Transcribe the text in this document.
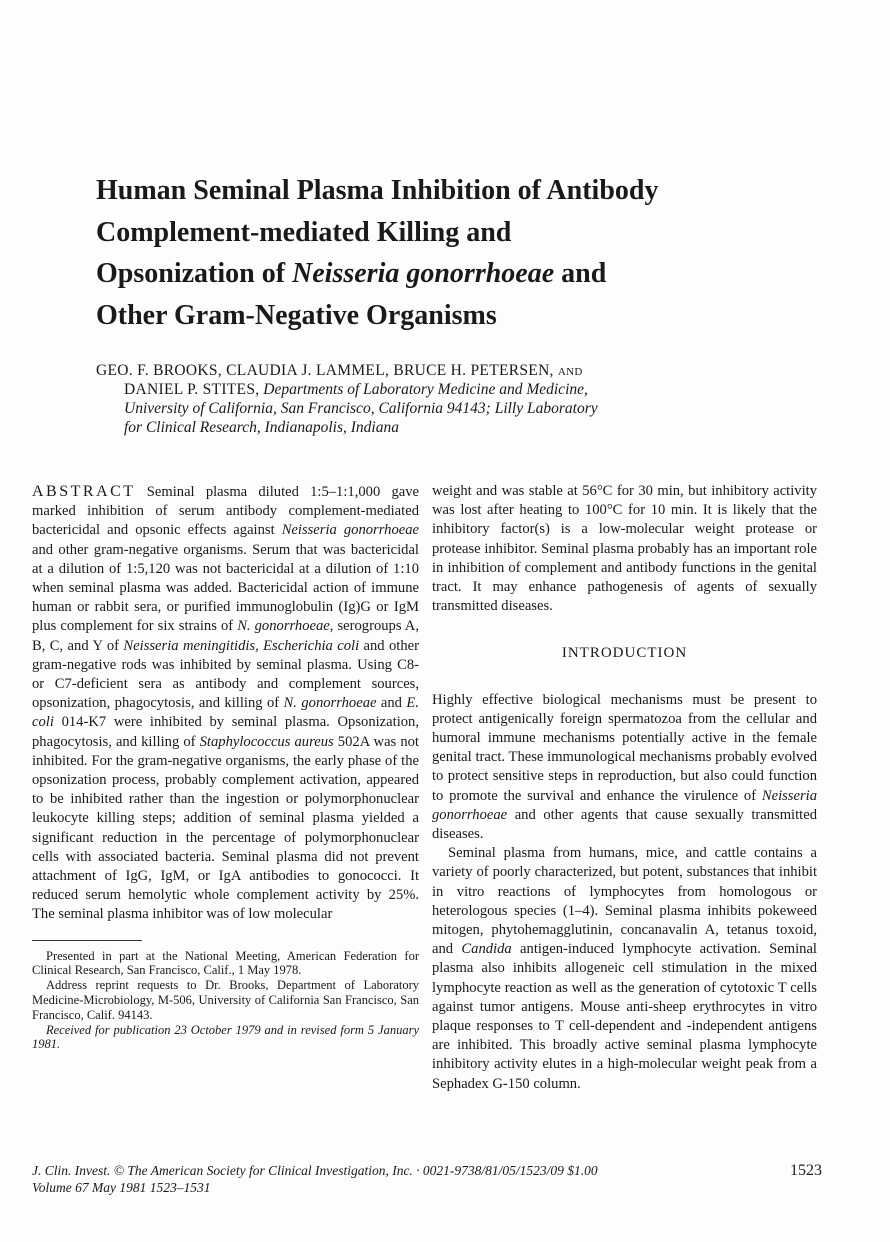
Human Seminal Plasma Inhibition of Antibody
Complement-mediated Killing and
Opsonization of Neisseria gonorrhoeae and
Other Gram-Negative Organisms
GEO. F. BROOKS, CLAUDIA J. LAMMEL, BRUCE H. PETERSEN, and
DANIEL P. STITES, Departments of Laboratory Medicine and Medicine,
University of California, San Francisco, California 94143; Lilly Laboratory
for Clinical Research, Indianapolis, Indiana

ABSTRACT Seminal plasma diluted 1:5–1:1,000 gave marked inhibition of serum antibody complement-mediated bactericidal and opsonic effects against Neisseria gonorrhoeae and other gram-negative organisms. Serum that was bactericidal at a dilution of 1:5,120 was not bactericidal at a dilution of 1:10 when seminal plasma was added. Bactericidal action of immune human or rabbit sera, or purified immunoglobulin (Ig)G or IgM plus complement for six strains of N. gonorrhoeae, serogroups A, B, C, and Y of Neisseria meningitidis, Escherichia coli and other gram-negative rods was inhibited by seminal plasma. Using C8- or C7-deficient sera as antibody and complement sources, opsonization, phagocytosis, and killing of N. gonorrhoeae and E. coli 014-K7 were inhibited by seminal plasma. Opsonization, phagocytosis, and killing of Staphylococcus aureus 502A was not inhibited. For the gram-negative organisms, the early phase of the opsonization process, probably complement activation, appeared to be inhibited rather than the ingestion or polymorphonuclear leukocyte killing steps; addition of seminal plasma yielded a significant reduction in the percentage of polymorphonuclear cells with associated bacteria. Seminal plasma did not prevent attachment of IgG, IgM, or IgA antibodies to gonococci. It reduced serum hemolytic whole complement activity by 25%. The seminal plasma inhibitor was of low molecular

Presented in part at the National Meeting, American Federation for Clinical Research, San Francisco, Calif., 1 May 1978.

Address reprint requests to Dr. Brooks, Department of Laboratory Medicine-Microbiology, M-506, University of California San Francisco, San Francisco, Calif. 94143.

Received for publication 23 October 1979 and in revised form 5 January 1981.

weight and was stable at 56°C for 30 min, but inhibitory activity was lost after heating to 100°C for 10 min. It is likely that the inhibitory factor(s) is a low-molecular weight protease or protease inhibitor. Seminal plasma probably has an important role in inhibition of complement and antibody functions in the genital tract. It may enhance pathogenesis of agents of sexually transmitted diseases.

INTRODUCTION

Highly effective biological mechanisms must be present to protect antigenically foreign spermatozoa from the cellular and humoral immune mechanisms potentially active in the female genital tract. These immunological mechanisms probably evolved to protect sensitive steps in reproduction, but also could function to promote the survival and enhance the virulence of Neisseria gonorrhoeae and other agents that cause sexually transmitted diseases.

Seminal plasma from humans, mice, and cattle contains a variety of poorly characterized, but potent, substances that inhibit in vitro reactions of lymphocytes from homologous or heterologous species (1–4). Seminal plasma inhibits pokeweed mitogen, phytohemagglutinin, concanavalin A, tetanus toxoid, and Candida antigen-induced lymphocyte activation. Seminal plasma also inhibits allogeneic cell stimulation in the mixed lymphocyte reaction as well as the generation of cytotoxic T cells against tumor antigens. Mouse anti-sheep erythrocytes in vitro plaque responses to T cell-dependent and -independent antigens are inhibited. This broadly active seminal plasma lymphocyte inhibitory activity elutes in a high-molecular weight peak from a Sephadex G-150 column.

J. Clin. Invest. © The American Society for Clinical Investigation, Inc. · 0021-9738/81/05/1523/09 $1.00
Volume 67 May 1981 1523–1531
1523
